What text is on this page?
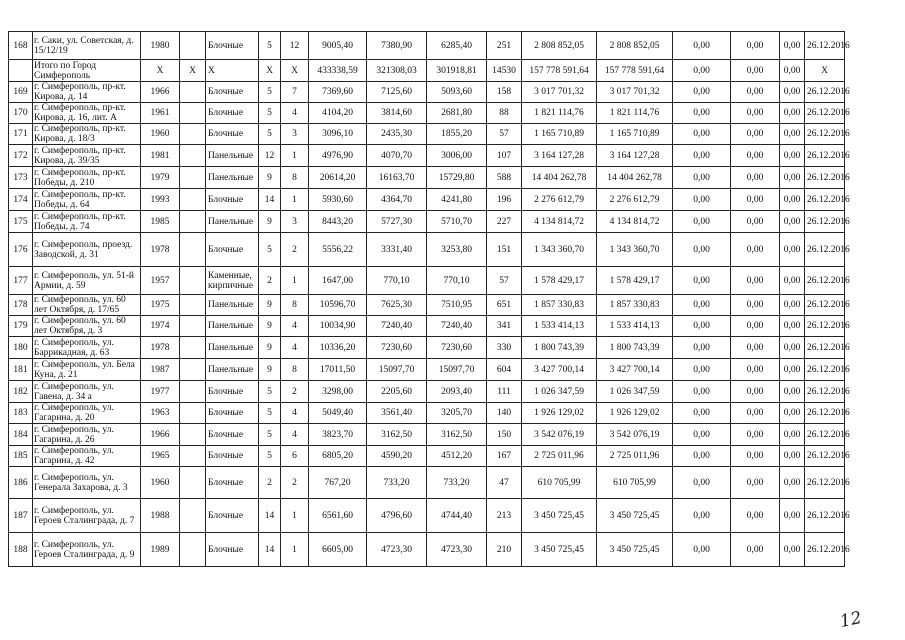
168	г. Саки, ул. Советская, д. 15/12/19	1980		Блочные	5	12	9005,40	7380,90	6285,40	251	2 808 852,05	2 808 852,05	0,00	0,00	0,00	26.12.2016
	Итого по Город Симферополь	X	X	X	X	X	433338,59	321308,03	301918,81	14530	157 778 591,64	157 778 591,64	0,00	0,00	0,00	X
169	г. Симферополь, пр-кт. Кирова, д. 14	1966		Блочные	5	7	7369,60	7125,60	5093,60	158	3 017 701,32	3 017 701,32	0,00	0,00	0,00	26.12.2016
170	г. Симферополь, пр-кт. Кирова, д. 16, лит. А	1961		Блочные	5	4	4104,20	3814,60	2681,80	88	1 821 114,76	1 821 114,76	0,00	0,00	0,00	26.12.2016
171	г. Симферополь, пр-кт. Кирова, д. 18/3	1960		Блочные	5	3	3096,10	2435,30	1855,20	57	1 165 710,89	1 165 710,89	0,00	0,00	0,00	26.12.2016
172	г. Симферополь, пр-кт. Кирова, д. 39/35	1981		Панельные	12	1	4976,90	4070,70	3006,00	107	3 164 127,28	3 164 127,28	0,00	0,00	0,00	26.12.2016
173	г. Симферополь, пр-кт. Победы, д. 210	1979		Панельные	9	8	20614,20	16163,70	15729,80	588	14 404 262,78	14 404 262,78	0,00	0,00	0,00	26.12.2016
174	г. Симферополь, пр-кт. Победы, д. 64	1993		Блочные	14	1	5930,60	4364,70	4241,80	196	2 276 612,79	2 276 612,79	0,00	0,00	0,00	26.12.2016
175	г. Симферополь, пр-кт. Победы, д. 74	1985		Панельные	9	3	8443,20	5727,30	5710,70	227	4 134 814,72	4 134 814,72	0,00	0,00	0,00	26.12.2016
176	г. Симферополь, проезд. Заводской, д. 31	1978		Блочные	5	2	5556,22	3331,40	3253,80	151	1 343 360,70	1 343 360,70	0,00	0,00	0,00	26.12.2016
177	г. Симферополь, ул. 51-й Армии, д. 59	1957		Каменные, кирпичные	2	1	1647,00	770,10	770,10	57	1 578 429,17	1 578 429,17	0,00	0,00	0,00	26.12.2016
178	г. Симферополь, ул. 60 лет Октября, д. 17/65	1975		Панельные	9	8	10596,70	7625,30	7510,95	651	1 857 330,83	1 857 330,83	0,00	0,00	0,00	26.12.2016
179	г. Симферополь, ул. 60 лет Октября, д. 3	1974		Панельные	9	4	10034,90	7240,40	7240,40	341	1 533 414,13	1 533 414,13	0,00	0,00	0,00	26.12.2016
180	г. Симферополь, ул. Баррикадная, д. 63	1978		Панельные	9	4	10336,20	7230,60	7230,60	330	1 800 743,39	1 800 743,39	0,00	0,00	0,00	26.12.2016
181	г. Симферополь, ул. Бела Куна, д. 21	1987		Панельные	9	8	17011,50	15097,70	15097,70	604	3 427 700,14	3 427 700,14	0,00	0,00	0,00	26.12.2016
182	г. Симферополь, ул. Гавена, д. 34 а	1977		Блочные	5	2	3298,00	2205,60	2093,40	111	1 026 347,59	1 026 347,59	0,00	0,00	0,00	26.12.2016
183	г. Симферополь, ул. Гагарина, д. 20	1963		Блочные	5	4	5049,40	3561,40	3205,70	140	1 926 129,02	1 926 129,02	0,00	0,00	0,00	26.12.2016
184	г. Симферополь, ул. Гагарина, д. 26	1966		Блочные	5	4	3823,70	3162,50	3162,50	150	3 542 076,19	3 542 076,19	0,00	0,00	0,00	26.12.2016
185	г. Симферополь, ул. Гагарина, д. 42	1965		Блочные	5	6	6805,20	4590,20	4512,20	167	2 725 011,96	2 725 011,96	0,00	0,00	0,00	26.12.2016
186	г. Симферополь, ул. Генерала Захарова, д. 3	1960		Блочные	2	2	767,20	733,20	733,20	47	610 705,99	610 705,99	0,00	0,00	0,00	26.12.2016
187	г. Симферополь, ул. Героев Сталинграда, д. 7	1988		Блочные	14	1	6561,60	4796,60	4744,40	213	3 450 725,45	3 450 725,45	0,00	0,00	0,00	26.12.2016
188	г. Симферополь, ул. Героев Сталинграда, д. 9	1989		Блочные	14	1	6605,00	4723,30	4723,30	210	3 450 725,45	3 450 725,45	0,00	0,00	0,00	26.12.2016
12
